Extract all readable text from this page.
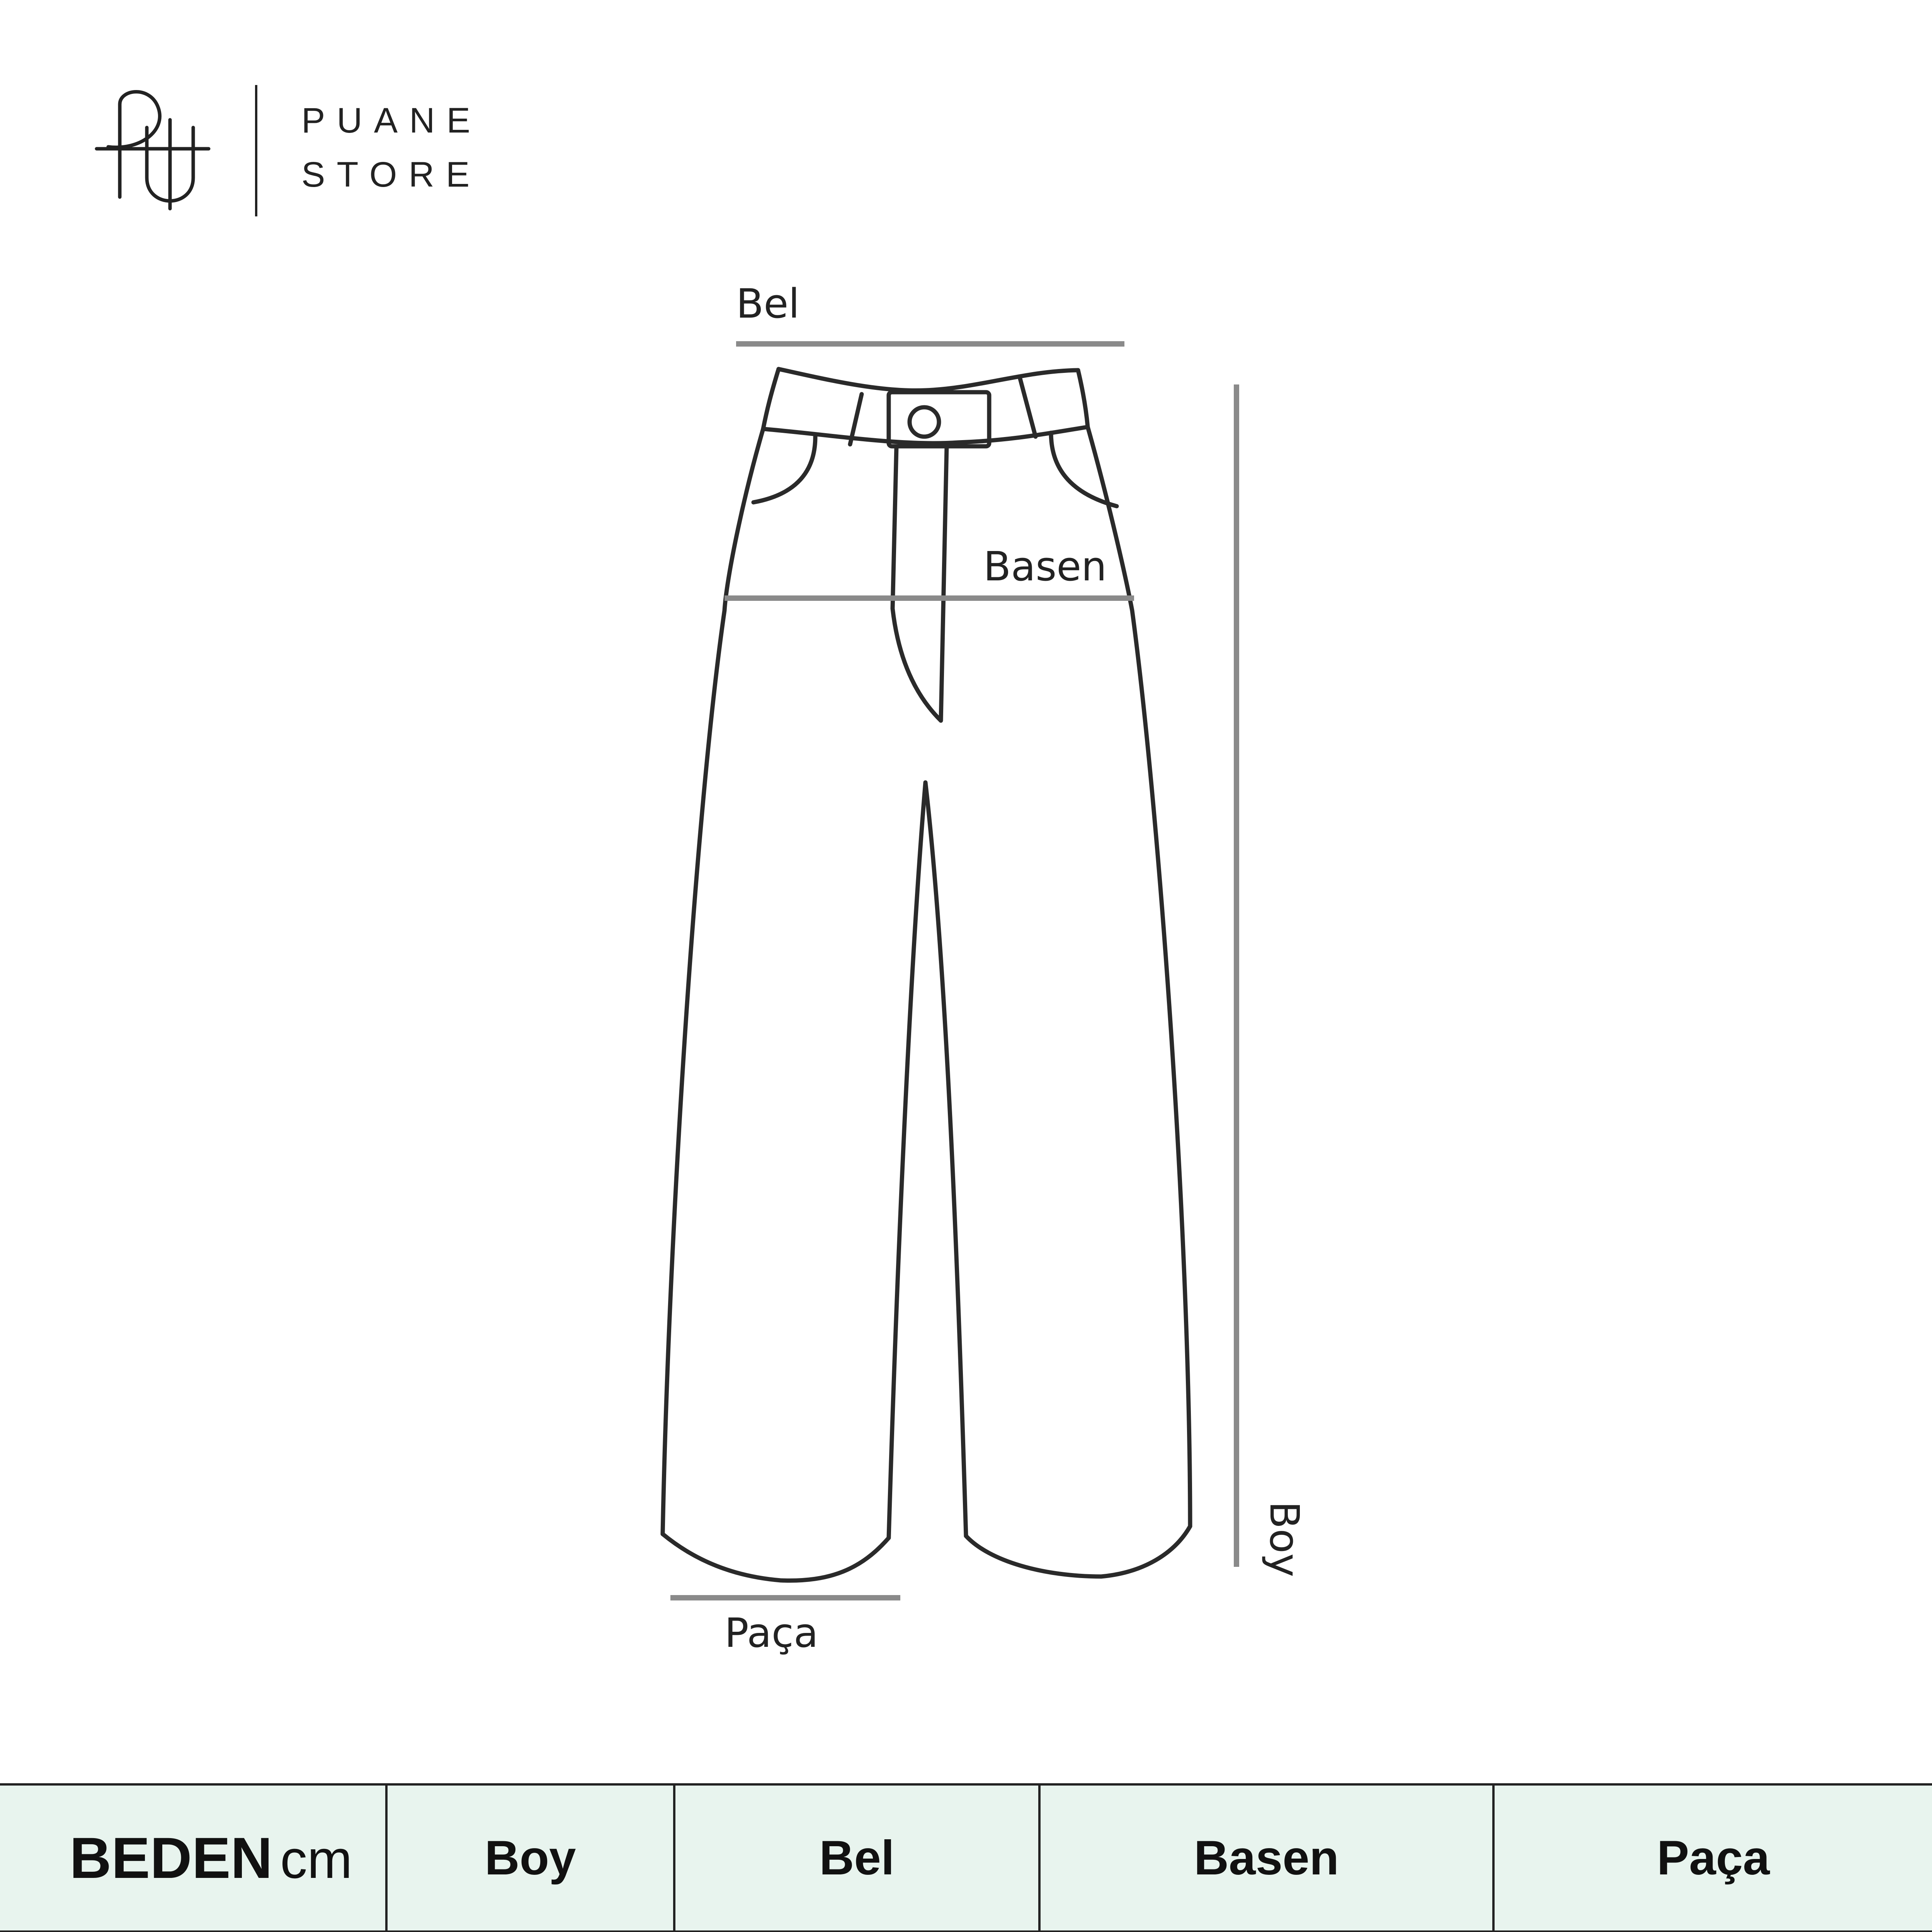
PUANE
STORE
Bel
Basen
Boy
Paça
BEDEN cm	Boy	Bel	Basen	Paça
